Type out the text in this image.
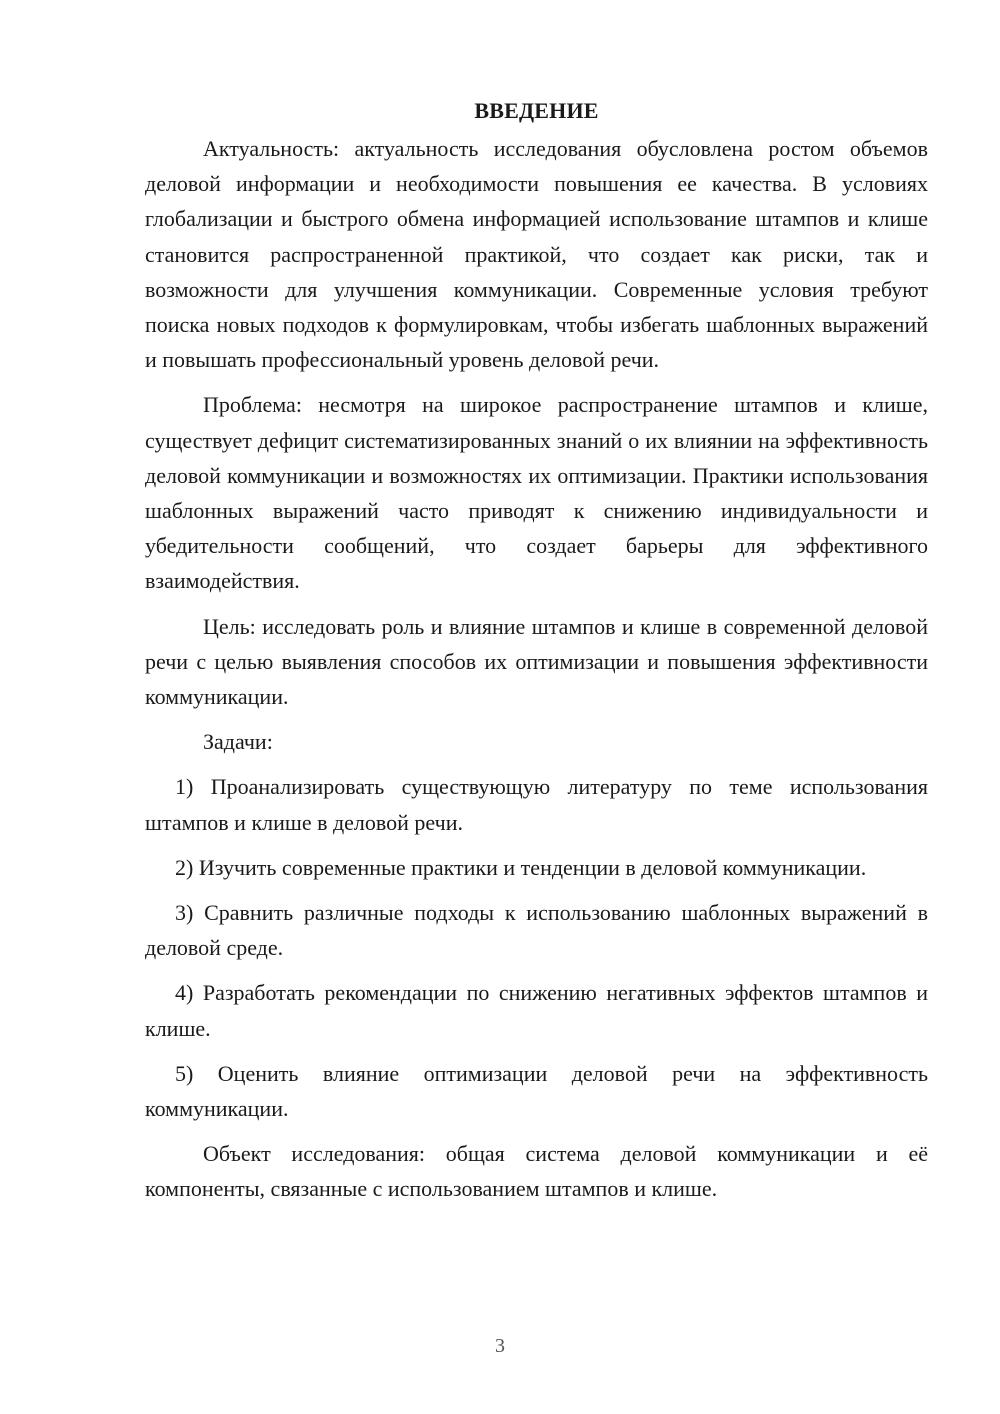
ВВЕДЕНИЕ

Актуальность: актуальность исследования обусловлена ростом объемов деловой информации и необходимости повышения ее качества. В условиях глобализации и быстрого обмена информацией использование штампов и клише становится распространенной практикой, что создает как риски, так и возможности для улучшения коммуникации. Современные условия требуют поиска новых подходов к формулировкам, чтобы избегать шаблонных выражений и повышать профессиональный уровень деловой речи.

Проблема: несмотря на широкое распространение штампов и клише, существует дефицит систематизированных знаний о их влиянии на эффективность деловой коммуникации и возможностях их оптимизации. Практики использования шаблонных выражений часто приводят к снижению индивидуальности и убедительности сообщений, что создает барьеры для эффективного взаимодействия.

Цель: исследовать роль и влияние штампов и клише в современной деловой речи с целью выявления способов их оптимизации и повышения эффективности коммуникации.

Задачи:

1) Проанализировать существующую литературу по теме использования штампов и клише в деловой речи.

2) Изучить современные практики и тенденции в деловой коммуникации.

3) Сравнить различные подходы к использованию шаблонных выражений в деловой среде.

4) Разработать рекомендации по снижению негативных эффектов штампов и клише.

5) Оценить влияние оптимизации деловой речи на эффективность коммуникации.

Объект исследования: общая система деловой коммуникации и её компоненты, связанные с использованием штампов и клише.

3
